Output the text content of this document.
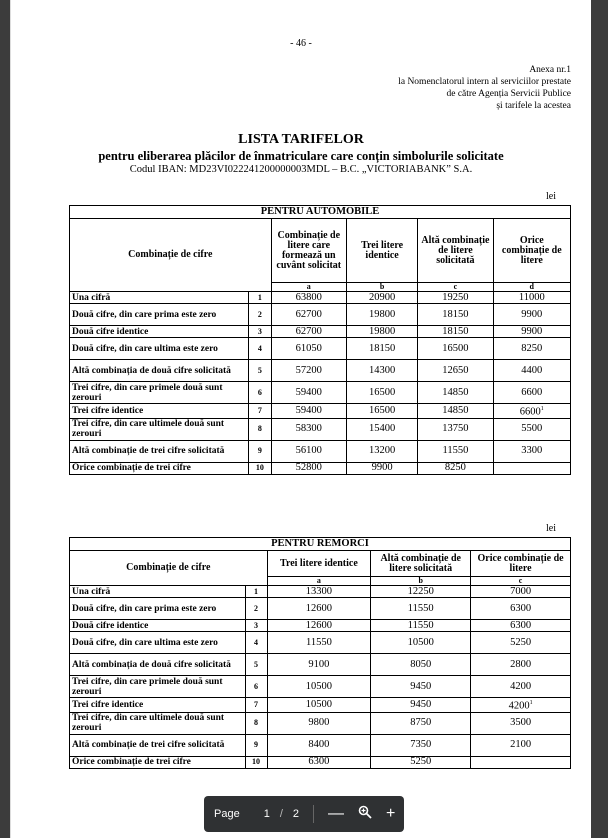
- 46 -
Anexa nr.1
la Nomenclatorul intern al serviciilor prestate
de către Agenția Servicii Publice
și tarifele la acestea
LISTA TARIFELOR
pentru eliberarea plăcilor de înmatriculare care conțin simbolurile solicitate
Codul IBAN: MD23VI022241200000003MDL – B.C. „VICTORIABANK” S.A.
lei
PENTRU AUTOMOBILE					
Combinație de cifre		Combinație de litere care formează un cuvânt solicitat	Trei litere identice	Altă combinație de litere solicitată	Orice combinație de litere
		a	b	c	d
Una cifră	1	63800	20900	19250	11000
Două cifre, din care prima este zero	2	62700	19800	18150	9900
Două cifre identice	3	62700	19800	18150	9900
Două cifre, din care ultima este zero	4	61050	18150	16500	8250
Altă combinația de două cifre solicitată	5	57200	14300	12650	4400
Trei cifre, din care primele două sunt zerouri	6	59400	16500	14850	6600
Trei cifre identice	7	59400	16500	14850	6600$^1$
Trei cifre, din care ultimele două sunt zerouri	8	58300	15400	13750	5500
Altă combinație de trei cifre solicitată	9	56100	13200	11550	3300
Orice combinație de trei cifre	10	52800	9900	8250	
lei
PENTRU REMORCI				
Combinație de cifre		Trei litere identice	Altă combinație de litere solicitată	Orice combinație de litere
		a	b	c
Una cifră	1	13300	12250	7000
Două cifre, din care prima este zero	2	12600	11550	6300
Două cifre identice	3	12600	11550	6300
Două cifre, din care ultima este zero	4	11550	10500	5250
Altă combinația de două cifre solicitată	5	9100	8050	2800
Trei cifre, din care primele două sunt zerouri	6	10500	9450	4200
Trei cifre identice	7	10500	9450	4200$^1$
Trei cifre, din care ultimele două sunt zerouri	8	9800	8750	3500
Altă combinație de trei cifre solicitată	9	8400	7350	2100
Orice combinație de trei cifre	10	6300	5250	
Page 1 / 2 —	+
